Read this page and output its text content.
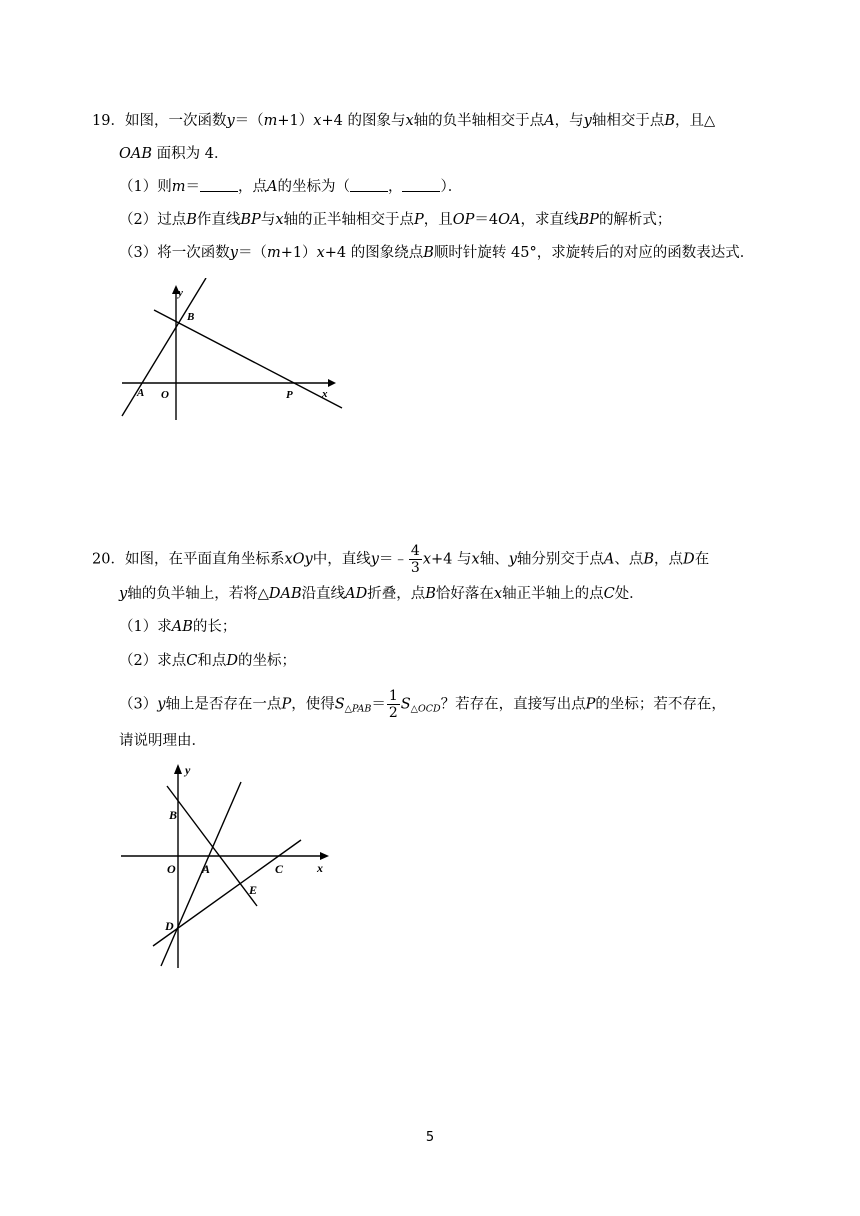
19．如图，一次函数y＝（m+1）x+4 的图象与x轴的负半轴相交于点A，与y轴相交于点B，且△
OAB 面积为 4．
（1）则m＝	，点A的坐标为（	，	）．
（2）过点B作直线BP与x轴的正半轴相交于点P，且OP＝4OA，求直线BP的解析式；
（3）将一次函数y＝（m+1）x+4 的图象绕点B顺时针旋转 45°，求旋转后的对应的函数表达式．
y
B
A O	P	x
20．如图，在平面直角坐标系xOy中，直线y＝﹣ $\frac{4}{3} x+4$ 与x轴、y轴分别交于点A、点B，点D在
y轴的负半轴上，若将△DAB沿直线AD折叠，点B恰好落在x轴正半轴上的点C处．
（1）求AB的长；
（2）求点C和点D的坐标；
（3）y轴上是否存在一点P，使得$S_{\triangle PAB}= \frac{1}{2} S_{\triangle OCD}$？若存在，直接写出点P的坐标；若不存在，
请说明理由．
y
B
O A	C	x
E
D
5
